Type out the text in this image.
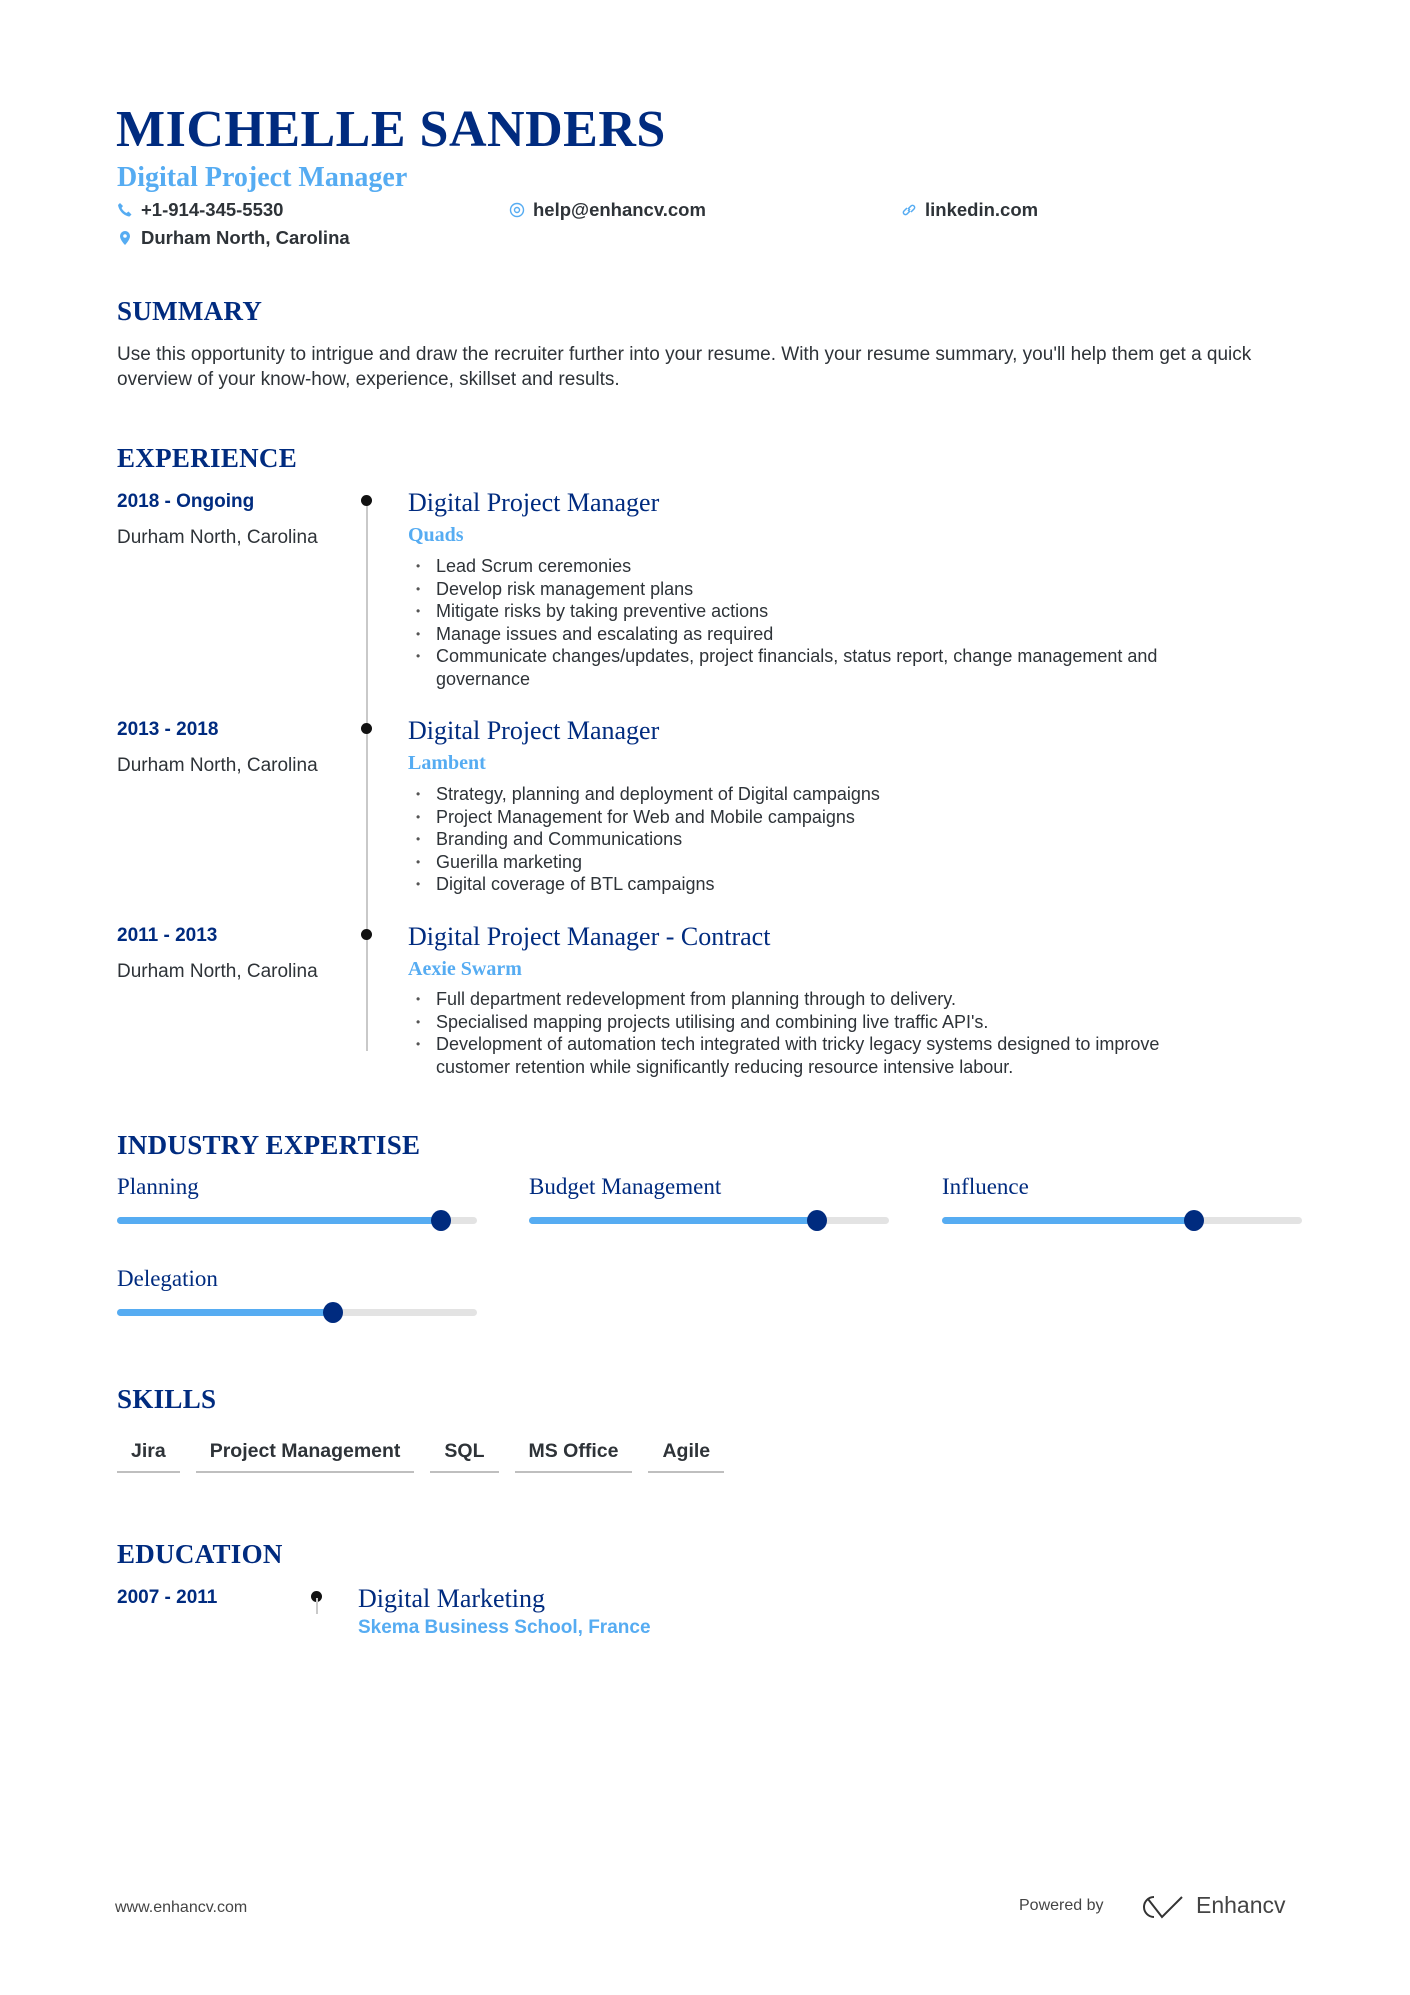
MICHELLE SANDERS
Digital Project Manager
+1-914-345-5530	help@enhancv.com	linkedin.com
Durham North, Carolina
SUMMARY
Use this opportunity to intrigue and draw the recruiter further into your resume. With your resume summary, you'll help them get a quick overview of your know-how, experience, skillset and results.
EXPERIENCE
2018 - Ongoing
Durham North, Carolina
Digital Project Manager
Quads
• Lead Scrum ceremonies
• Develop risk management plans
• Mitigate risks by taking preventive actions
• Manage issues and escalating as required
• Communicate changes/updates, project financials, status report, change management and governance
2013 - 2018
Durham North, Carolina
Digital Project Manager
Lambent
• Strategy, planning and deployment of Digital campaigns
• Project Management for Web and Mobile campaigns
• Branding and Communications
• Guerilla marketing
• Digital coverage of BTL campaigns
2011 - 2013
Durham North, Carolina
Digital Project Manager - Contract
Aexie Swarm
• Full department redevelopment from planning through to delivery.
• Specialised mapping projects utilising and combining live traffic API's.
• Development of automation tech integrated with tricky legacy systems designed to improve customer retention while significantly reducing resource intensive labour.
INDUSTRY EXPERTISE
Planning	Budget Management	Influence
Delegation
SKILLS
Jira	Project Management	SQL	MS Office	Agile
EDUCATION
2007 - 2011	Digital Marketing
Skema Business School, France
www.enhancv.com	Powered by	Enhancv
